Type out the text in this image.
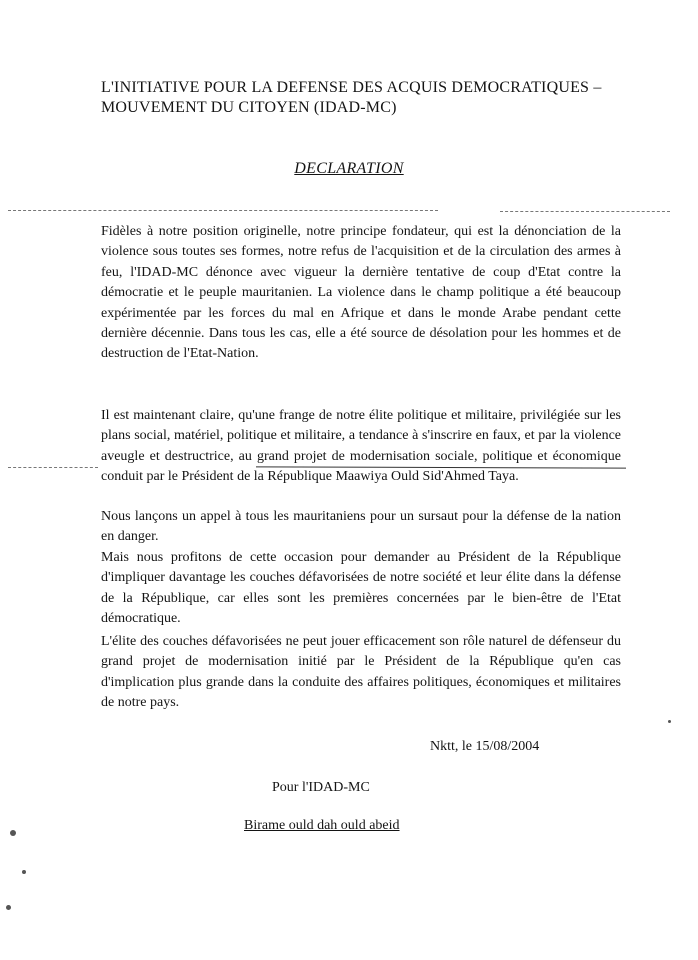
L'INITIATIVE POUR LA DEFENSE DES ACQUIS DEMOCRATIQUES –
MOUVEMENT DU CITOYEN (IDAD-MC)
DECLARATION
Fidèles à notre position originelle, notre principe fondateur, qui est la dénonciation de la violence sous toutes ses formes, notre refus de l'acquisition et de la circulation des armes à feu, l'IDAD-MC dénonce avec vigueur la dernière tentative de coup d'Etat contre la démocratie et le peuple mauritanien. La violence dans le champ politique a été beaucoup expérimentée par les forces du mal en Afrique et dans le monde Arabe pendant cette dernière décennie. Dans tous les cas, elle a été source de désolation pour les hommes et de destruction de l'Etat-Nation.
Il est maintenant claire, qu'une frange de notre élite politique et militaire, privilégiée sur les plans social, matériel, politique et militaire, a tendance à s'inscrire en faux, et par la violence aveugle et destructrice, au grand projet de modernisation sociale, politique et économique conduit par le Président de la République Maawiya Ould Sid'Ahmed Taya.
Nous lançons un appel à tous les mauritaniens pour un sursaut pour la défense de la nation en danger.
Mais nous profitons de cette occasion pour demander au Président de la République d'impliquer davantage les couches défavorisées de notre société et leur élite dans la défense de la République, car elles sont les premières concernées par le bien-être de l'Etat démocratique.
L'élite des couches défavorisées ne peut jouer efficacement son rôle naturel de défenseur du grand projet de modernisation initié par le Président de la République qu'en cas d'implication plus grande dans la conduite des affaires politiques, économiques et militaires de notre pays.
Nktt, le 15/08/2004
Pour l'IDAD-MC
Birame ould dah ould abeid
